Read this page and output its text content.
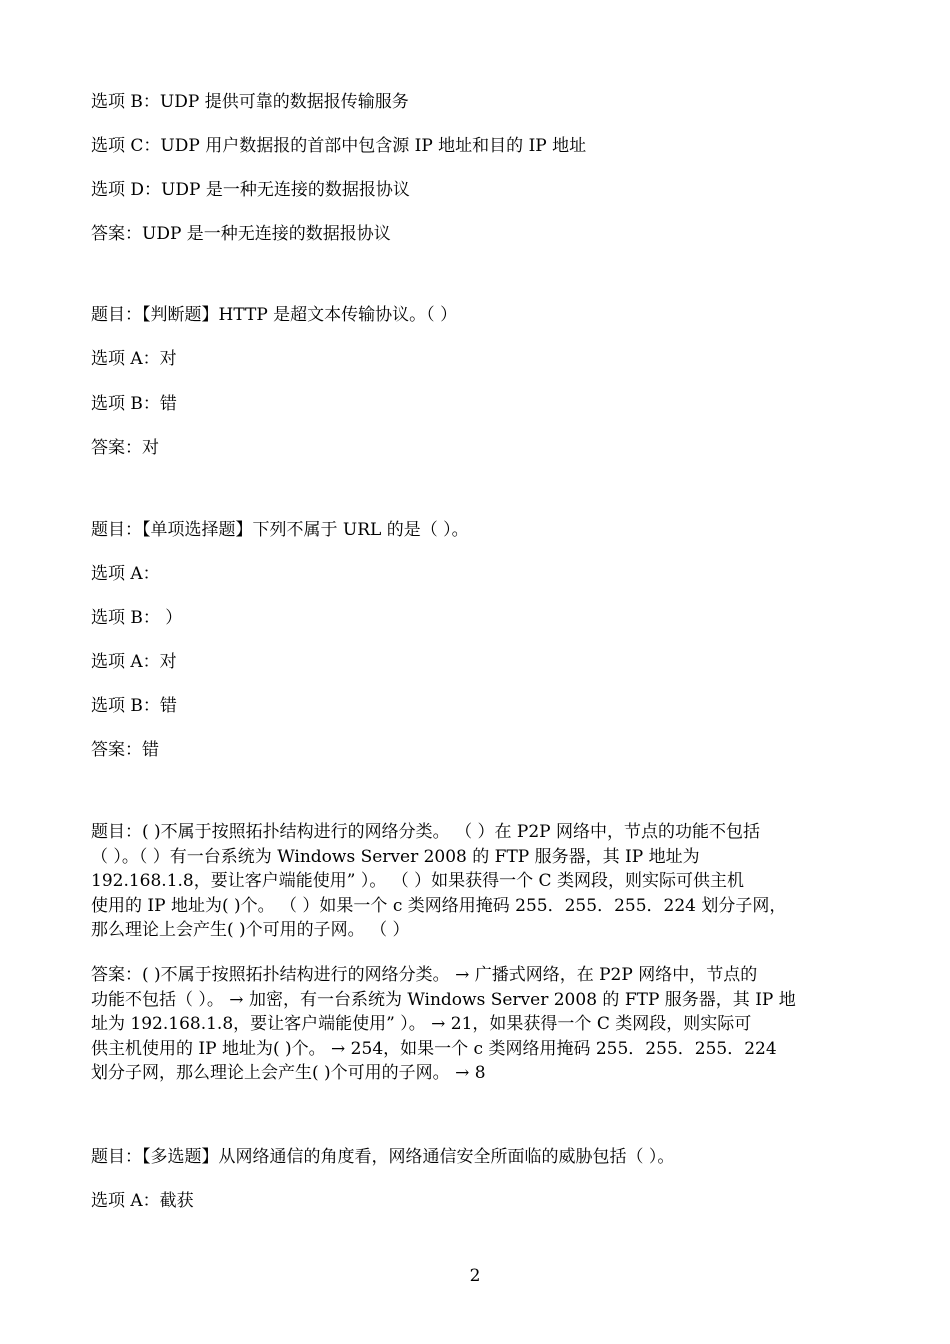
选项 B：UDP 提供可靠的数据报传输服务
选项 C：UDP 用户数据报的首部中包含源 IP 地址和目的 IP 地址
选项 D：UDP 是一种无连接的数据报协议
答案：UDP 是一种无连接的数据报协议
题目：【判断题】HTTP 是超文本传输协议。（ ）
选项 A：对
选项 B：错
答案：对
题目：【单项选择题】下列不属于 URL 的是（ ）。
选项 A：
选项 B： ）
选项 A：对
选项 B：错
答案：错
题目：( )不属于按照拓扑结构进行的网络分类。 （ ）在 P2P 网络中，节点的功能不包括
（ ）。（ ）有一台系统为 Windows Server 2008 的 FTP 服务器，其 IP 地址为
192.168.1.8，要让客户端能使用” ）。 （ ）如果获得一个 C 类网段，则实际可供主机
使用的 IP 地址为( )个。 （ ）如果一个 c 类网络用掩码 255．255．255．224 划分子网，
那么理论上会产生( )个可用的子网。 （ ）
答案：( )不属于按照拓扑结构进行的网络分类。 → 广播式网络，在 P2P 网络中，节点的
功能不包括（ ）。 → 加密，有一台系统为 Windows Server 2008 的 FTP 服务器，其 IP 地
址为 192.168.1.8，要让客户端能使用” ）。 → 21，如果获得一个 C 类网段，则实际可
供主机使用的 IP 地址为( )个。 → 254，如果一个 c 类网络用掩码 255．255．255．224
划分子网，那么理论上会产生( )个可用的子网。 → 8
题目：【多选题】从网络通信的角度看，网络通信安全所面临的威胁包括（ ）。
选项 A：截获
2
